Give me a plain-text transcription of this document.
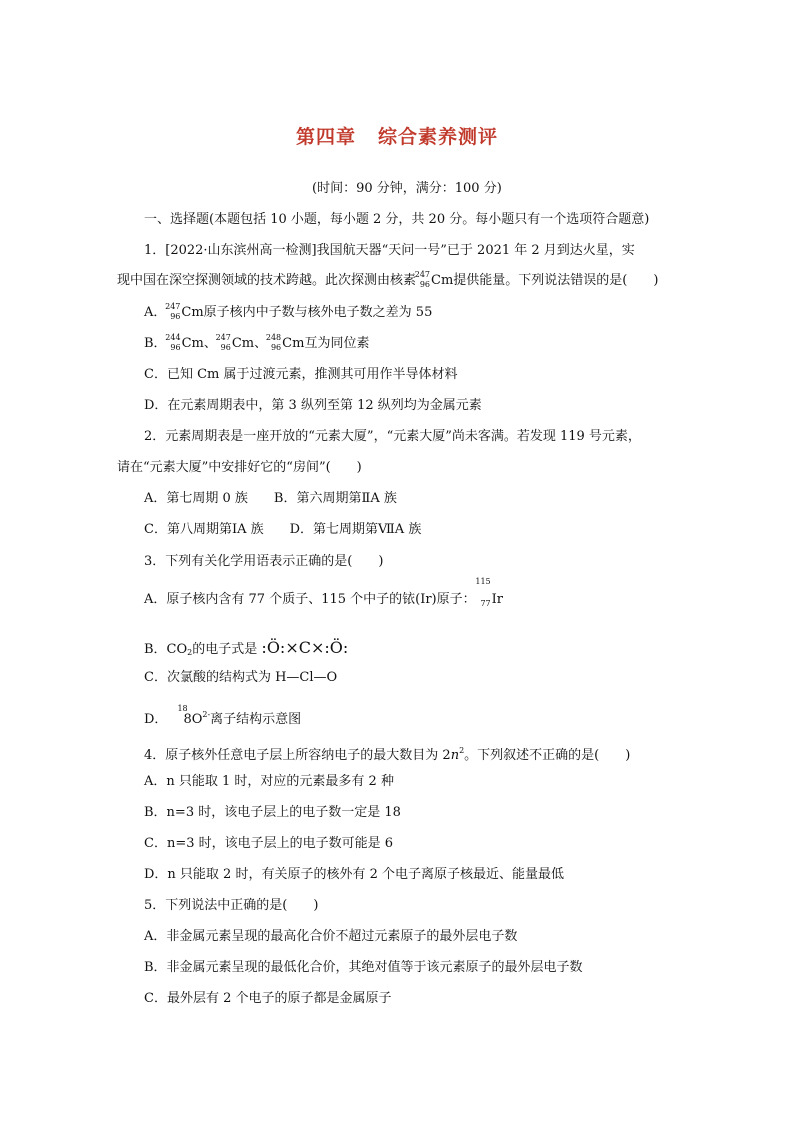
第四章 综合素养测评
(时间：90 分钟，满分：100 分)
一、选择题(本题包括 10 小题，每小题 2 分，共 20 分。每小题只有一个选项符合题意)
1．[2022·山东滨州高一检测]我国航天器“天问一号”已于 2021 年 2 月到达火星，实
现中国在深空探测领域的技术跨越。此次探测由核素
247
96 Cm提供能量。下列说法错误的是(　　)
A．
247
96 Cm原子核内中子数与核外电子数之差为 55
B．
244
96 Cm、
247
96 Cm、
248
96 Cm互为同位素
C．已知 Cm 属于过渡元素，推测其可用作半导体材料
D．在元素周期表中，第 3 纵列至第 12 纵列均为金属元素
2．元素周期表是一座开放的“元素大厦”，“元素大厦”尚未客满。若发现 119 号元素，
请在“元素大厦”中安排好它的“房间”(　　)
A．第七周期 0 族　　B．第六周期第ⅡA 族
C．第八周期第ⅠA 族　　D．第七周期第ⅦA 族
3．下列有关化学用语表示正确的是(　　)
A．原子核内含有 77 个质子、115 个中子的铱(Ir)原子：
115
77 Ir
B．$CO_2$的电子式是 :Ö:×C×:Ö:
C．次氯酸的结构式为 H—Cl—O
D．
18
$8O^{2-}$离子结构示意图
4．原子核外任意电子层上所容纳电子的最大数目为 $2n^2$。下列叙述不正确的是(　　)
A．n 只能取 1 时，对应的元素最多有 2 种
B．n=3 时，该电子层上的电子数一定是 18
C．n=3 时，该电子层上的电子数可能是 6
D．n 只能取 2 时，有关原子的核外有 2 个电子离原子核最近、能量最低
5．下列说法中正确的是(　　)
A．非金属元素呈现的最高化合价不超过元素原子的最外层电子数
B．非金属元素呈现的最低化合价，其绝对值等于该元素原子的最外层电子数
C．最外层有 2 个电子的原子都是金属原子
